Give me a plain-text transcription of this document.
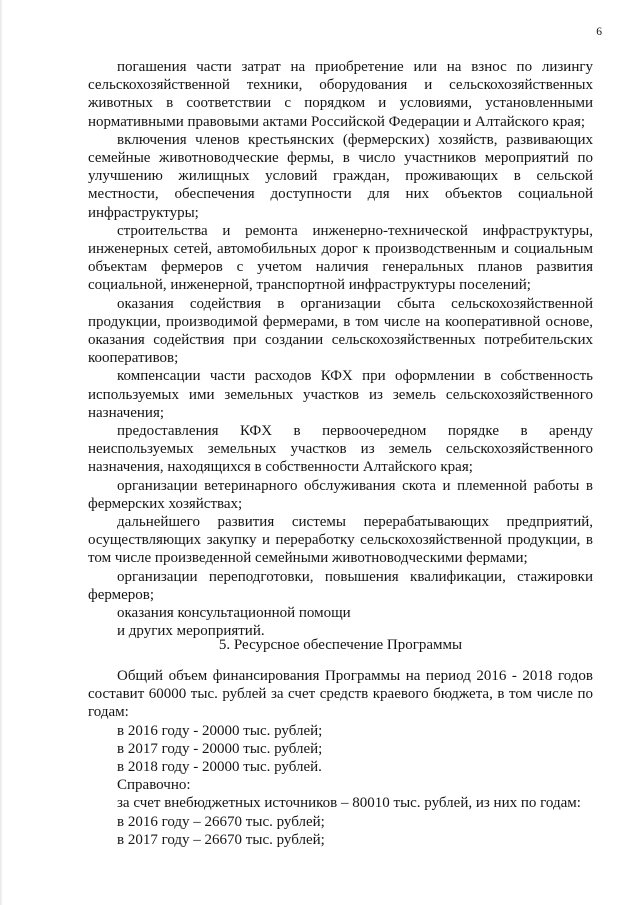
6

погашения части затрат на приобретение или на взнос по лизингу сельскохозяйственной техники, оборудования и сельскохозяйственных животных в соответствии с порядком и условиями, установленными нормативными правовыми актами Российской Федерации и Алтайского края;

включения членов крестьянских (фермерских) хозяйств, развивающих семейные животноводческие фермы, в число участников мероприятий по улучшению жилищных условий граждан, проживающих в сельской местности, обеспечения доступности для них объектов социальной инфраструктуры;

строительства и ремонта инженерно-технической инфраструктуры, инженерных сетей, автомобильных дорог к производственным и социальным объектам фермеров с учетом наличия генеральных планов развития социальной, инженерной, транспортной инфраструктуры поселений;

оказания содействия в организации сбыта сельскохозяйственной продукции, производимой фермерами, в том числе на кооперативной основе, оказания содействия при создании сельскохозяйственных потребительских кооперативов;

компенсации части расходов КФХ при оформлении в собственность используемых ими земельных участков из земель сельскохозяйственного назначения;

предоставления КФХ в первоочередном порядке в аренду неиспользуемых земельных участков из земель сельскохозяйственного назначения, находящихся в собственности Алтайского края;

организации ветеринарного обслуживания скота и племенной работы в фермерских хозяйствах;

дальнейшего развития системы перерабатывающих предприятий, осуществляющих закупку и переработку сельскохозяйственной продукции, в том числе произведенной семейными животноводческими фермами;

организации переподготовки, повышения квалификации, стажировки фермеров;

оказания консультационной помощи

и других мероприятий.

5. Ресурсное обеспечение Программы

Общий объем финансирования Программы на период 2016 - 2018 годов составит 60000 тыс. рублей за счет средств краевого бюджета, в том числе по годам:

в 2016 году - 20000 тыс. рублей;

в 2017 году - 20000 тыс. рублей;

в 2018 году - 20000 тыс. рублей.

Справочно:

за счет внебюджетных источников – 80010 тыс. рублей, из них по годам:

в 2016 году – 26670 тыс. рублей;

в 2017 году – 26670 тыс. рублей;
